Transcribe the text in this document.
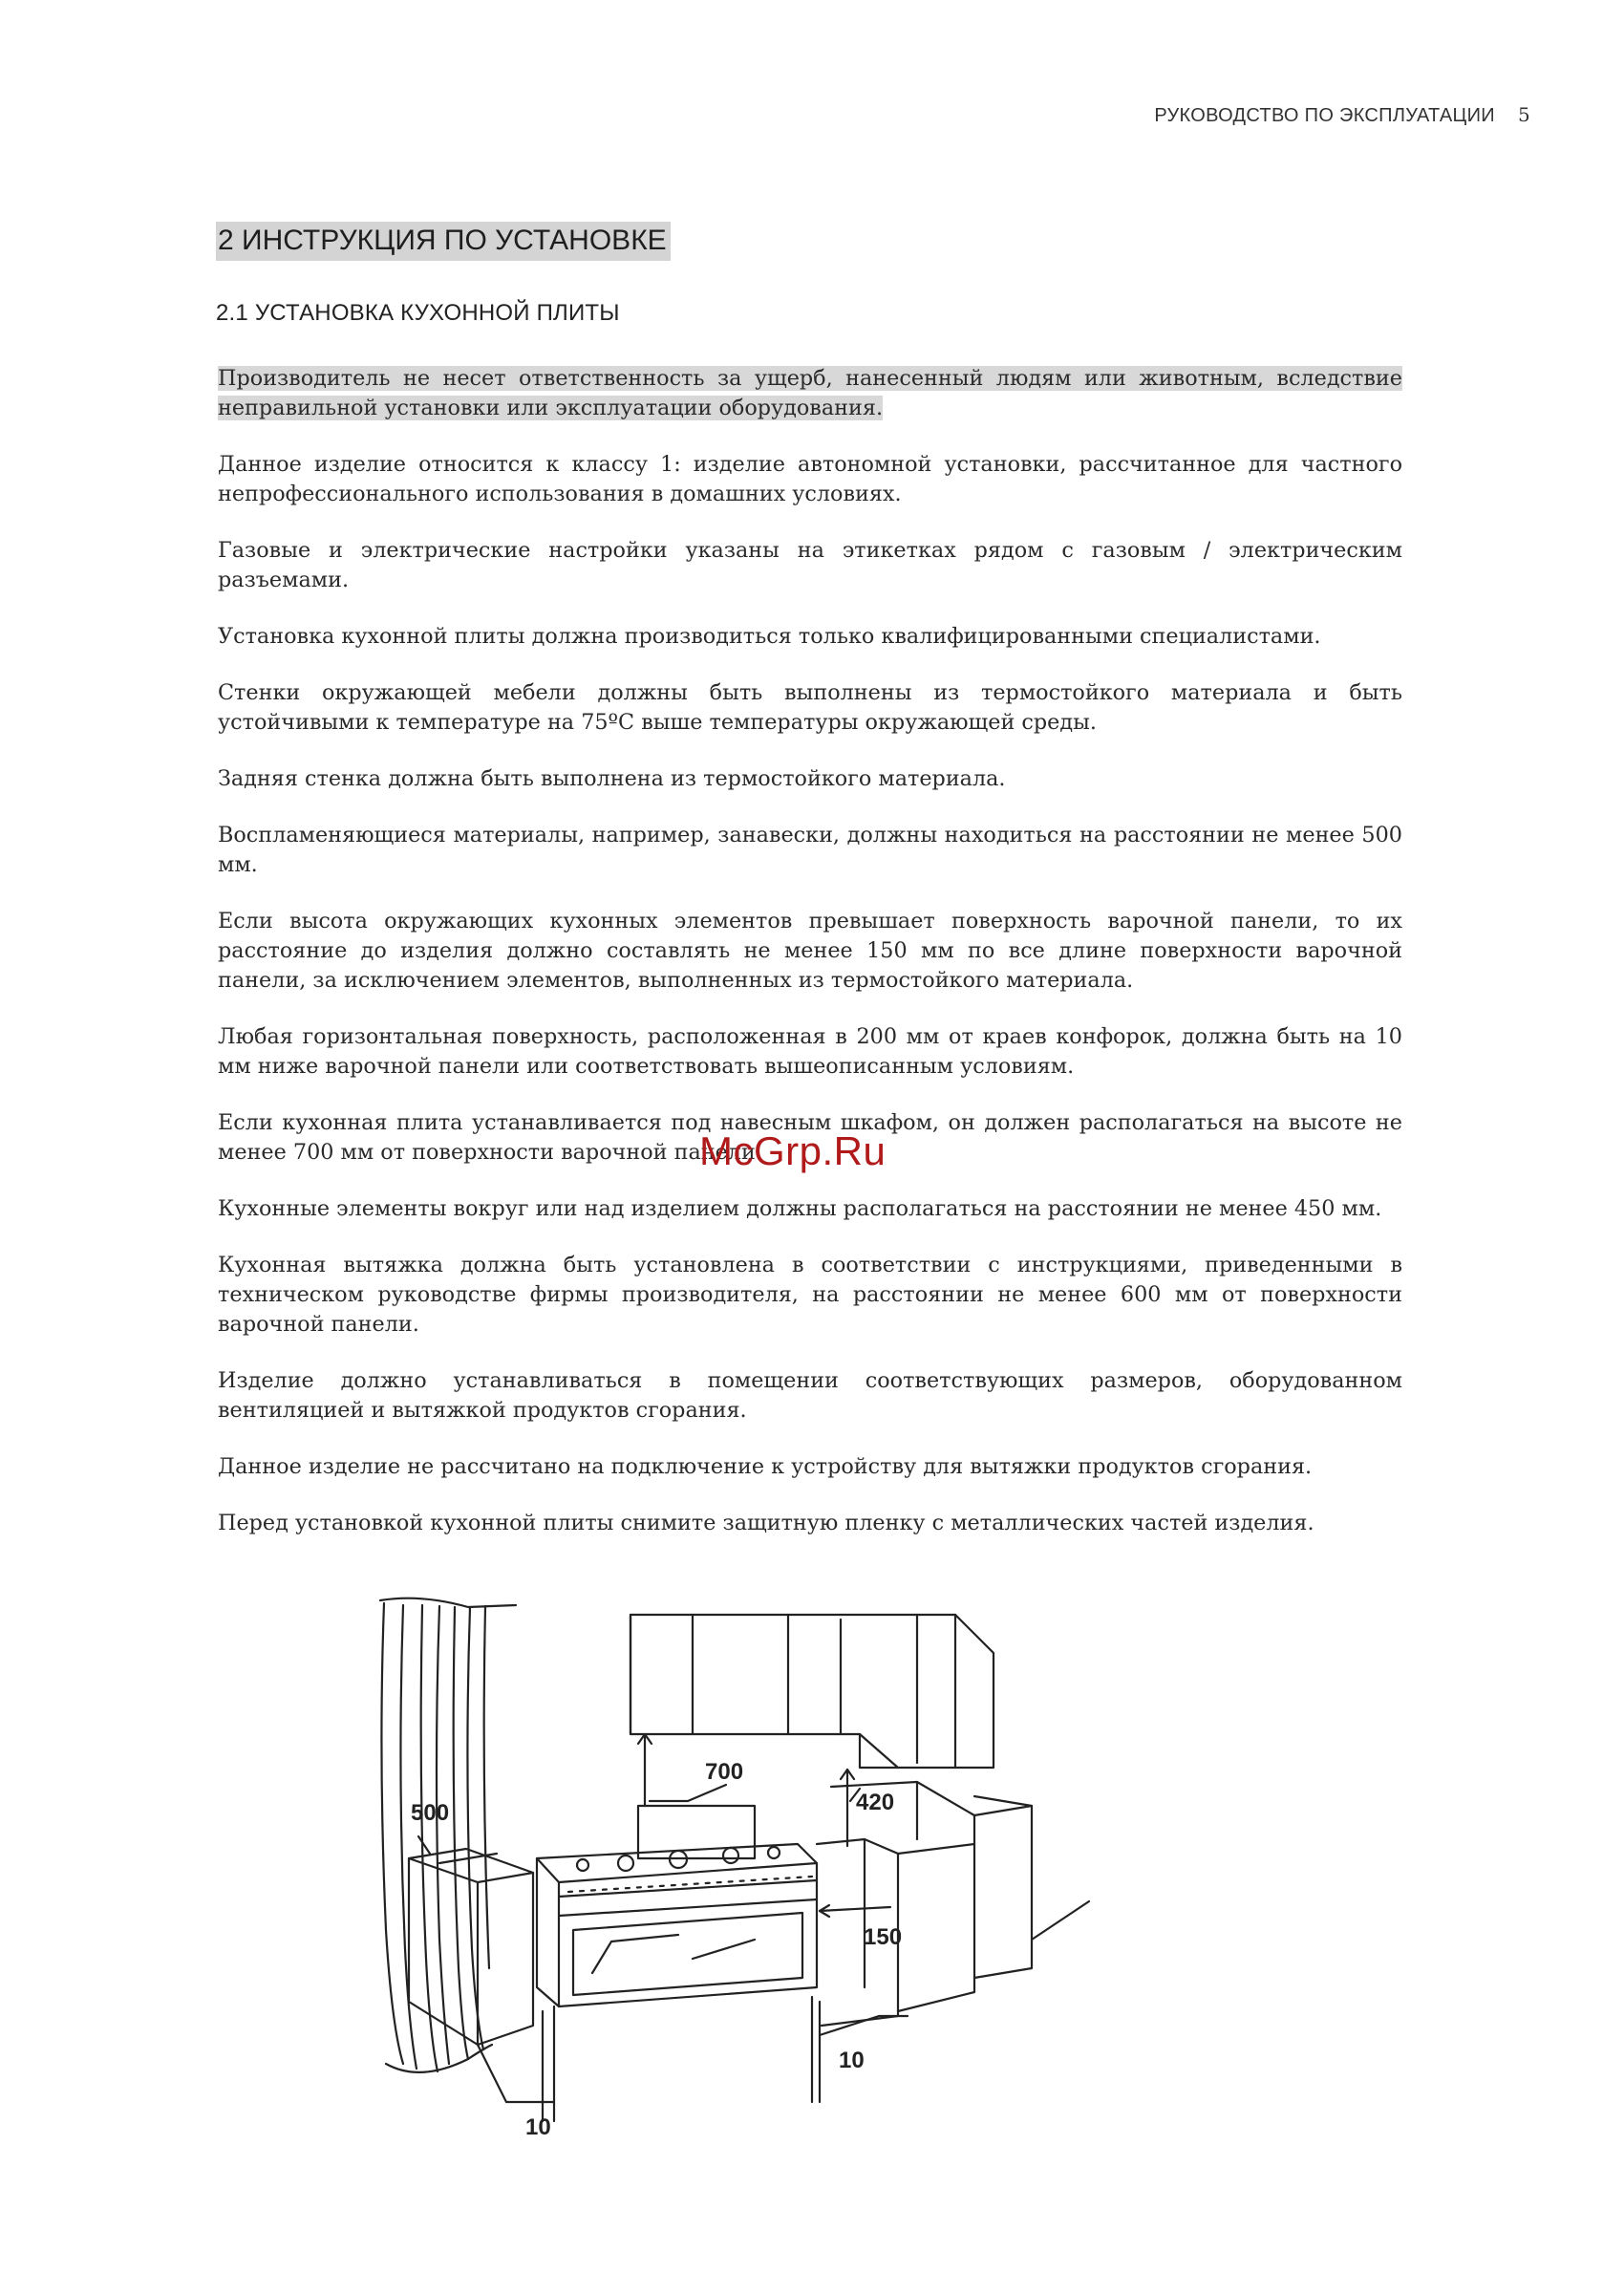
РУКОВОДСТВО ПО ЭКСПЛУАТАЦИИ 5
2 ИНСТРУКЦИЯ ПО УСТАНОВКЕ
2.1 УСТАНОВКА КУХОННОЙ ПЛИТЫ

Производитель не несет ответственность за ущерб, нанесенный людям или животным, вследствие неправильной установки или эксплуатации оборудования.

Данное изделие относится к классу 1: изделие автономной установки, рассчитанное для частного непрофессионального использования в домашних условиях.

Газовые и электрические настройки указаны на этикетках рядом с газовым / электрическим разъемами.

Установка кухонной плиты должна производиться только квалифицированными специалистами.

Стенки окружающей мебели должны быть выполнены из термостойкого материала и быть устойчивыми к температуре на 75ºС выше температуры окружающей среды.

Задняя стенка должна быть выполнена из термостойкого материала.

Воспламеняющиеся материалы, например, занавески, должны находиться на расстоянии не менее 500 мм.

Если высота окружающих кухонных элементов превышает поверхность варочной панели, то их расстояние до изделия должно составлять не менее 150 мм по все длине поверхности варочной панели, за исключением элементов, выполненных из термостойкого материала.

Любая горизонтальная поверхность, расположенная в 200 мм от краев конфорок, должна быть на 10 мм ниже варочной панели или соответствовать вышеописанным условиям.

Если кухонная плита устанавливается под навесным шкафом, он должен располагаться на высоте не менее 700 мм от поверхности варочной панели.

Кухонные элементы вокруг или над изделием должны располагаться на расстоянии не менее 450 мм.

Кухонная вытяжка должна быть установлена в соответствии с инструкциями, приведенными в техническом руководстве фирмы производителя, на расстоянии не менее 600 мм от поверхности варочной панели.

Изделие должно устанавливаться в помещении соответствующих размеров, оборудованном вентиляцией и вытяжкой продуктов сгорания.

Данное изделие не рассчитано на подключение к устройству для вытяжки продуктов сгорания.

Перед установкой кухонной плиты снимите защитную пленку с металлических частей изделия.

McGrp.Ru
700
420
500
150
10
10
